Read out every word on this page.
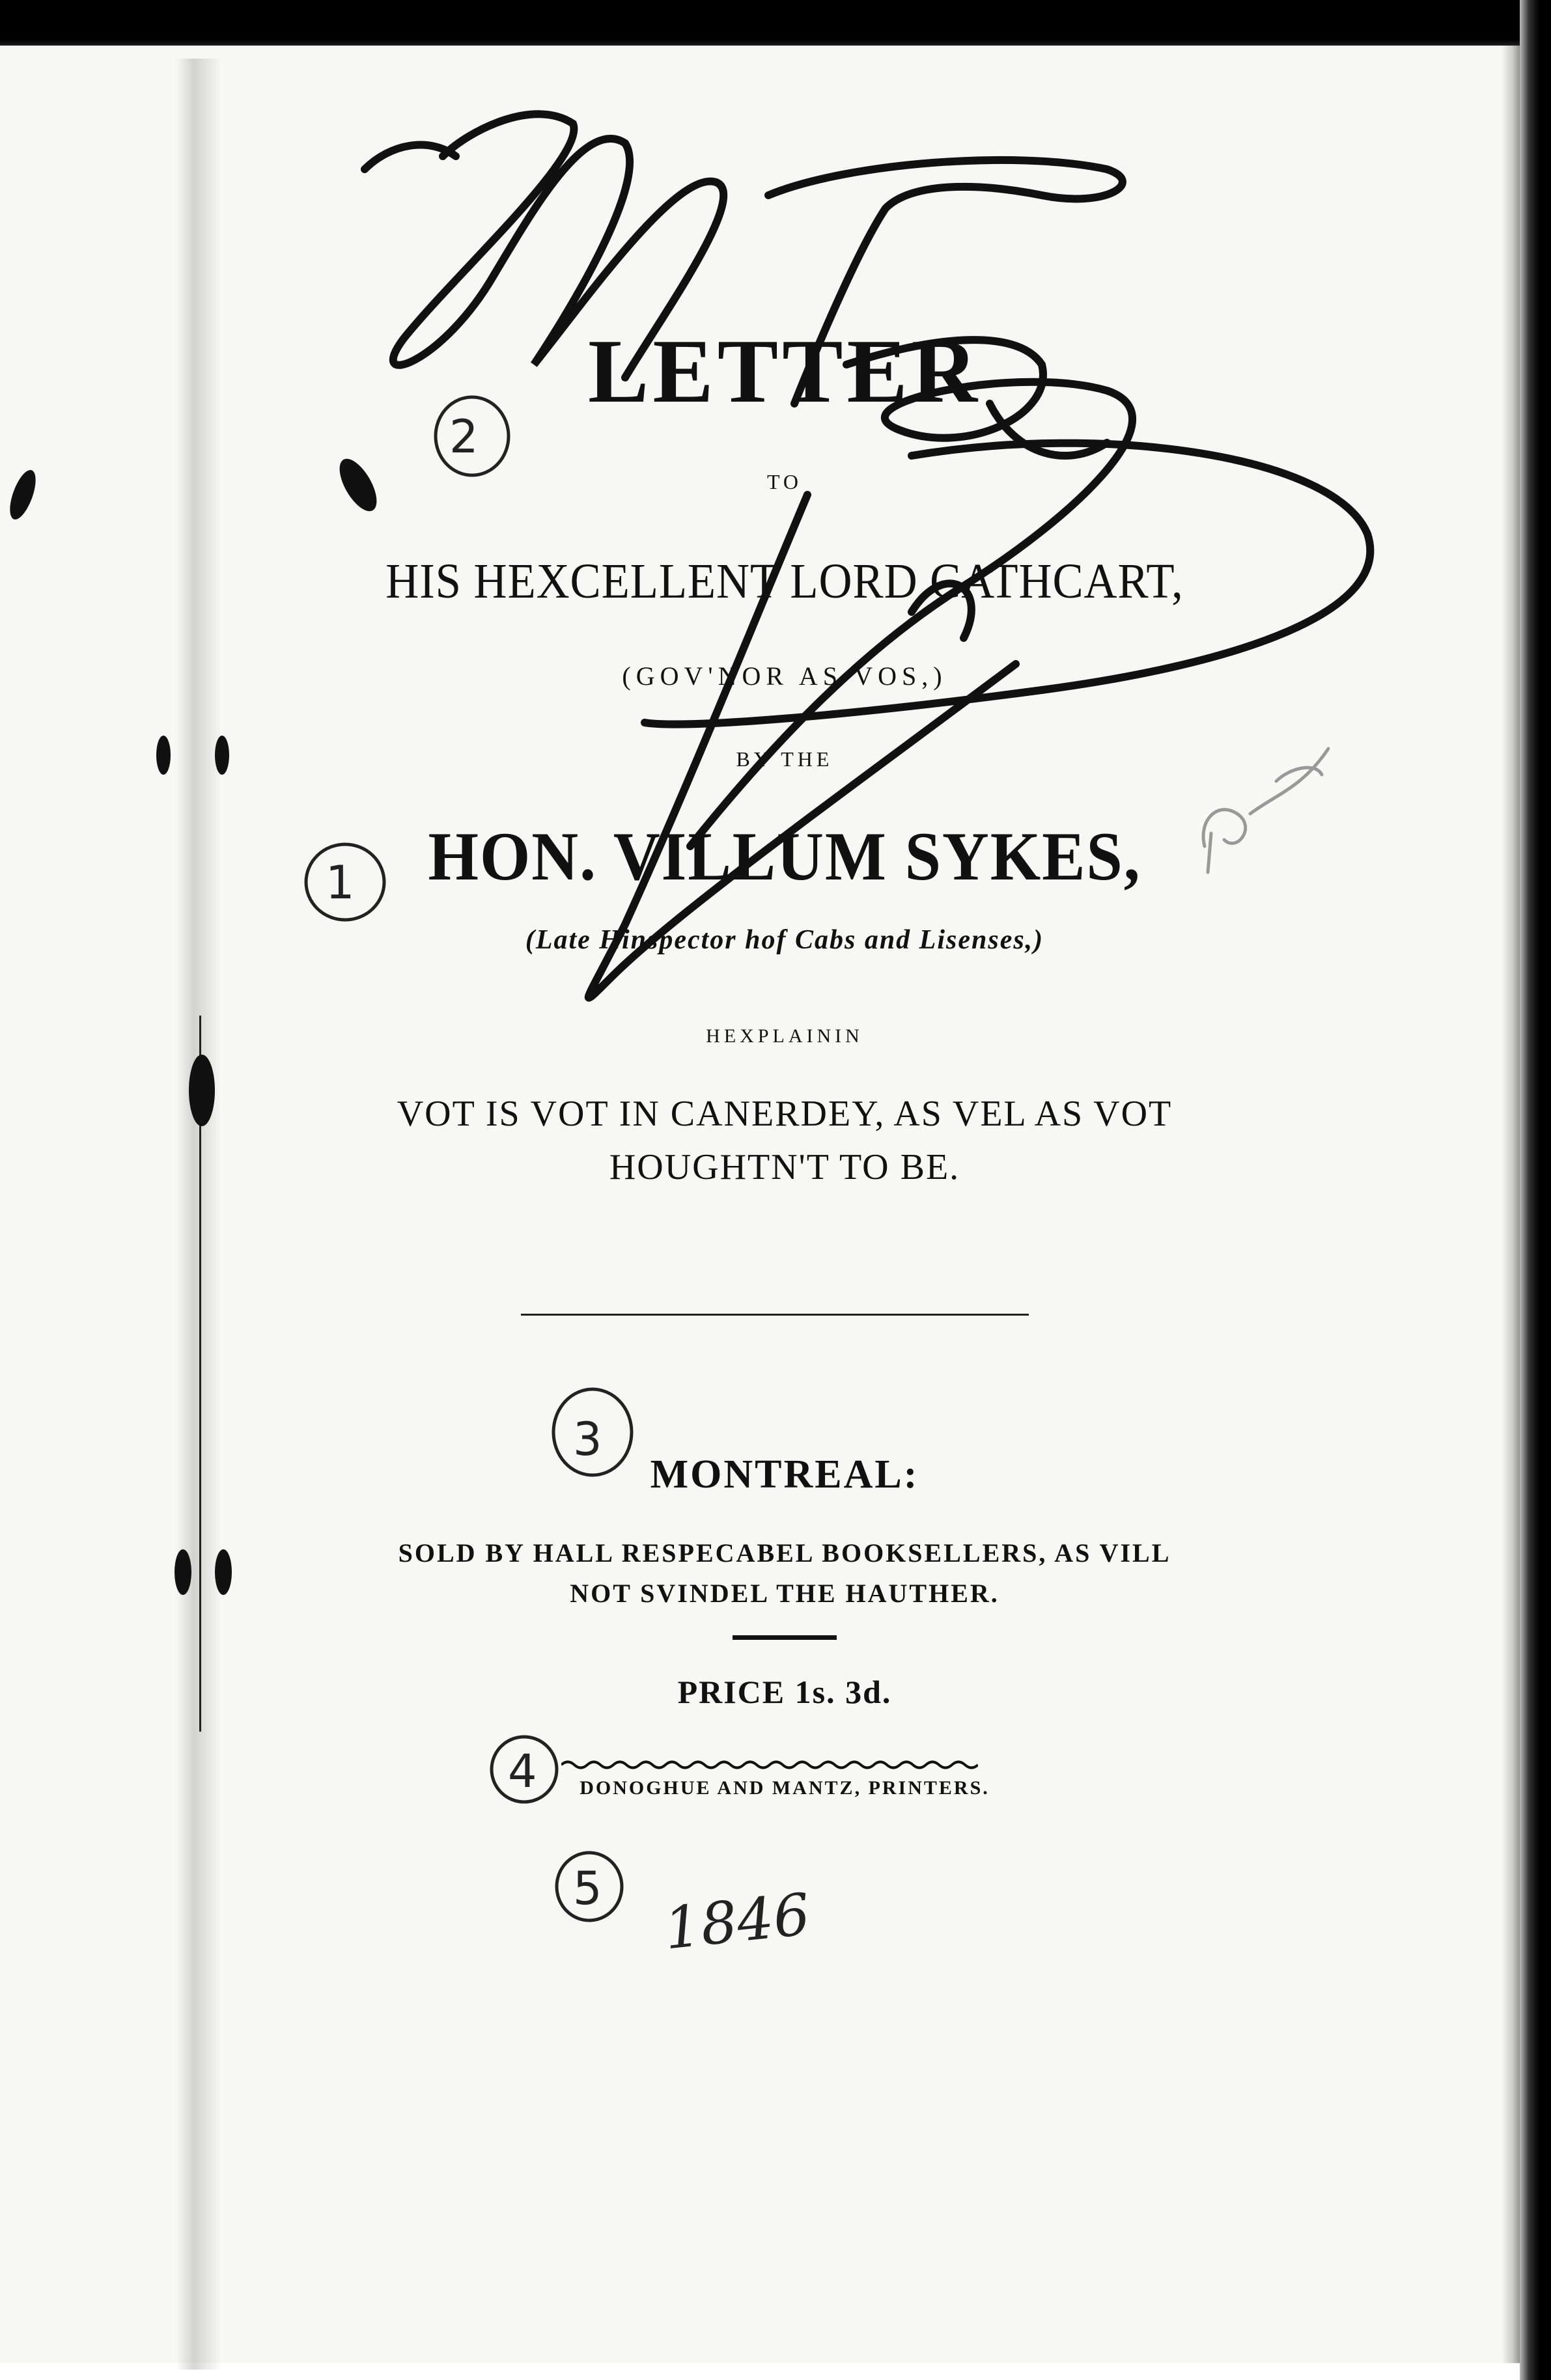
LETTER
TO
HIS HEXCELLENT LORD CATHCART,
(GOV'NOR AS VOS,)
BY THE
HON. VILLUM SYKES,
(Late Hinspector hof Cabs and Lisenses,)
HEXPLAININ
VOT IS VOT IN CANERDEY, AS VEL AS VOT
HOUGHTN'T TO BE.
MONTREAL:
SOLD BY HALL RESPECABEL BOOKSELLERS, AS VILL
NOT SVINDEL THE HAUTHER.
PRICE 1s. 3d.
DONOGHUE AND MANTZ, PRINTERS.
1846
2
1
3
4
5
